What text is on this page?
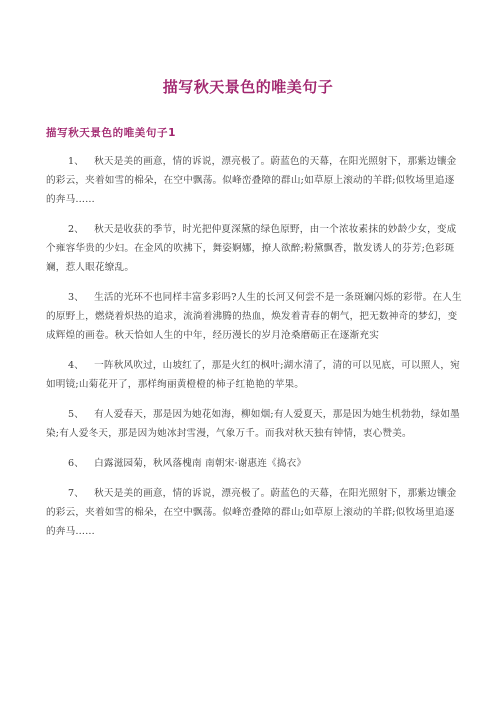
描写秋天景色的唯美句子
描写秋天景色的唯美句子1

1、 秋天是美的画意，情的诉说，漂亮极了。蔚蓝色的天幕，在阳光照射下，那紫边镶金的彩云，夹着如雪的棉朵，在空中飘荡。似峰峦叠障的群山;如草原上滚动的羊群;似牧场里追逐的奔马……

2、 秋天是收获的季节，时光把仲夏深黛的绿色原野，由一个浓妆素抹的妙龄少女，变成个雍容华贵的少妇。在金风的吹拂下，舞姿婀娜，撩人欲醉;粉黛飘香，散发诱人的芬芳;色彩斑斓，惹人眼花缭乱。

3、 生活的光环不也同样丰富多彩吗?人生的长河又何尝不是一条斑斓闪烁的彩带。在人生的原野上，燃烧着炽热的追求，流淌着沸腾的热血，焕发着青春的朝气，把无数神奇的梦幻，变成辉煌的画卷。秋天恰如人生的中年，经历漫长的岁月沧桑磨砺正在逐渐充实

4、 一阵秋风吹过，山坡红了，那是火红的枫叶;湖水清了，清的可以见底，可以照人，宛如明镜;山菊花开了，那样绚丽黄橙橙的柿子红艳艳的苹果。

5、 有人爱春天，那是因为她花如海，柳如烟;有人爱夏天，那是因为她生机勃勃，绿如墨染;有人爱冬天，那是因为她冰封雪漫，气象万千。而我对秋天独有钟情，衷心赞美。

6、 白露滋园菊，秋风落槐南 南朝宋·谢惠连《捣衣》

7、 秋天是美的画意，情的诉说，漂亮极了。蔚蓝色的天幕，在阳光照射下，那紫边镶金的彩云，夹着如雪的棉朵，在空中飘荡。似峰峦叠障的群山;如草原上滚动的羊群;似牧场里追逐的奔马……
